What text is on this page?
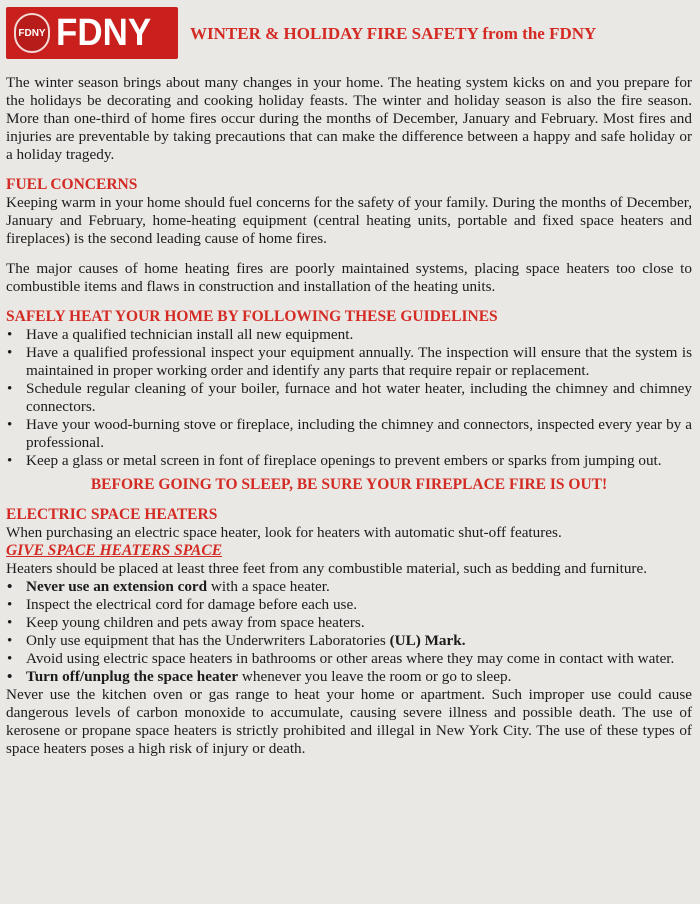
FDNY FDNY WINTER & HOLIDAY FIRE SAFETY from the FDNY

The winter season brings about many changes in your home. The heating system kicks on and you prepare for the holidays be decorating and cooking holiday feasts. The winter and holiday season is also the fire season. More than one-third of home fires occur during the months of December, January and February. Most fires and injuries are preventable by taking precautions that can make the difference between a happy and safe holiday or a holiday tragedy.

FUEL CONCERNS

Keeping warm in your home should fuel concerns for the safety of your family. During the months of December, January and February, home-heating equipment (central heating units, portable and fixed space heaters and fireplaces) is the second leading cause of home fires.

The major causes of home heating fires are poorly maintained systems, placing space heaters too close to combustible items and flaws in construction and installation of the heating units.

SAFELY HEAT YOUR HOME BY FOLLOWING THESE GUIDELINES

• Have a qualified technician install all new equipment.
• Have a qualified professional inspect your equipment annually. The inspection will ensure that the system is maintained in proper working order and identify any parts that require repair or replacement.
• Schedule regular cleaning of your boiler, furnace and hot water heater, including the chimney and chimney connectors.
• Have your wood-burning stove or fireplace, including the chimney and connectors, inspected every year by a professional.
• Keep a glass or metal screen in font of fireplace openings to prevent embers or sparks from jumping out.

BEFORE GOING TO SLEEP, BE SURE YOUR FIREPLACE FIRE IS OUT!

ELECTRIC SPACE HEATERS

When purchasing an electric space heater, look for heaters with automatic shut-off features.

GIVE SPACE HEATERS SPACE

Heaters should be placed at least three feet from any combustible material, such as bedding and furniture.

• Never use an extension cord with a space heater.
• Inspect the electrical cord for damage before each use.
• Keep young children and pets away from space heaters.
• Only use equipment that has the Underwriters Laboratories (UL) Mark.
• Avoid using electric space heaters in bathrooms or other areas where they may come in contact with water.
• Turn off/unplug the space heater whenever you leave the room or go to sleep.

Never use the kitchen oven or gas range to heat your home or apartment. Such improper use could cause dangerous levels of carbon monoxide to accumulate, causing severe illness and possible death. The use of kerosene or propane space heaters is strictly prohibited and illegal in New York City. The use of these types of space heaters poses a high risk of injury or death.
